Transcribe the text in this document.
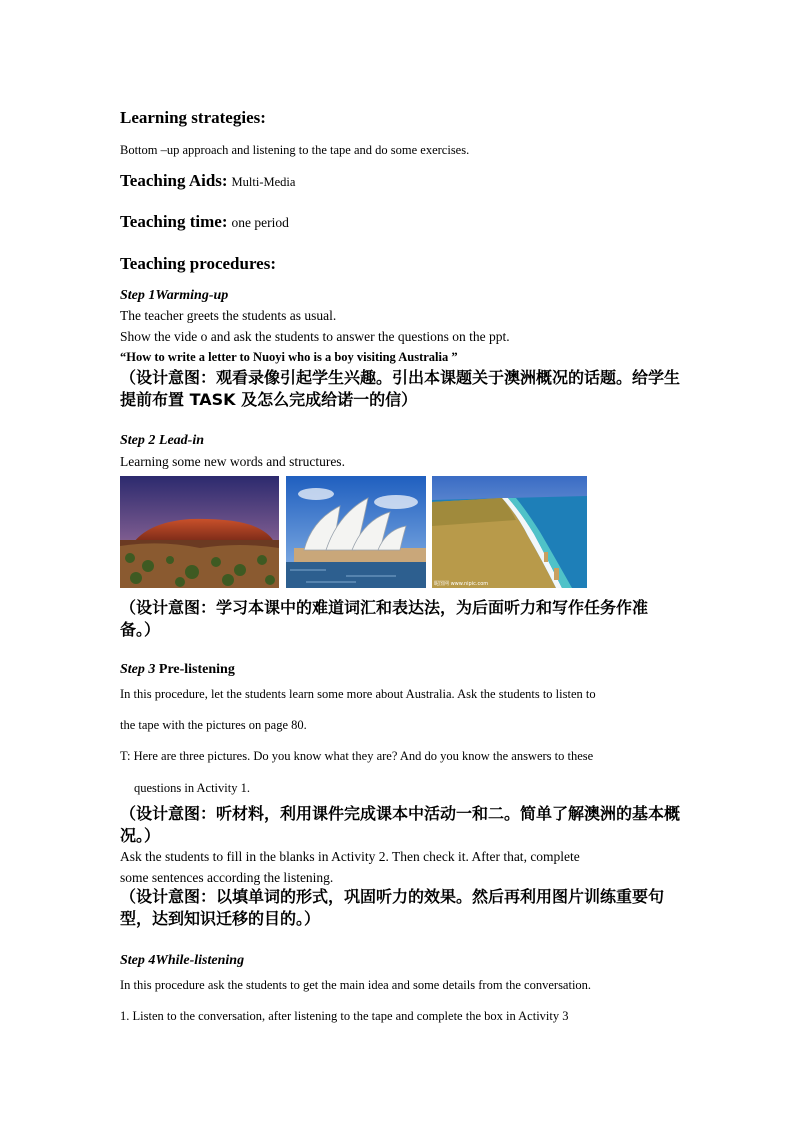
Learning strategies:
Bottom –up approach and listening to the tape and do some exercises.
Teaching Aids: Multi-Media
Teaching time: one period
Teaching procedures:
Step 1Warming-up
The teacher greets the students as usual.
Show the vide o and ask the students to answer the questions on the ppt.
“How to write a letter to Nuoyi who is a boy visiting Australia ”
（设计意图：观看录像引起学生兴趣。引出本课题关于澳洲概况的话题。给学生提前布置 TASK 及怎么完成给诺一的信）
Step 2 Lead-in
Learning some new words and structures.
昵图网 www.nipic.com
（设计意图：学习本课中的难道词汇和表达法，为后面听力和写作任务作准备。）
Step 3 Pre-listening
In this procedure, let the students learn some more about Australia. Ask the students to listen to
the tape with the pictures on page 80.
T: Here are three pictures. Do you know what they are? And do you know the answers to these
questions in Activity 1.
（设计意图：听材料，利用课件完成课本中活动一和二。简单了解澳洲的基本概况。）
Ask the students to fill in the blanks in Activity 2. Then check it. After that, complete
some sentences according the listening.
（设计意图：以填单词的形式，巩固听力的效果。然后再利用图片训练重要句型，达到知识迁移的目的。）
Step 4While-listening
In this procedure ask the students to get the main idea and some details from the conversation.
1. Listen to the conversation, after listening to the tape and complete the box in Activity 3
